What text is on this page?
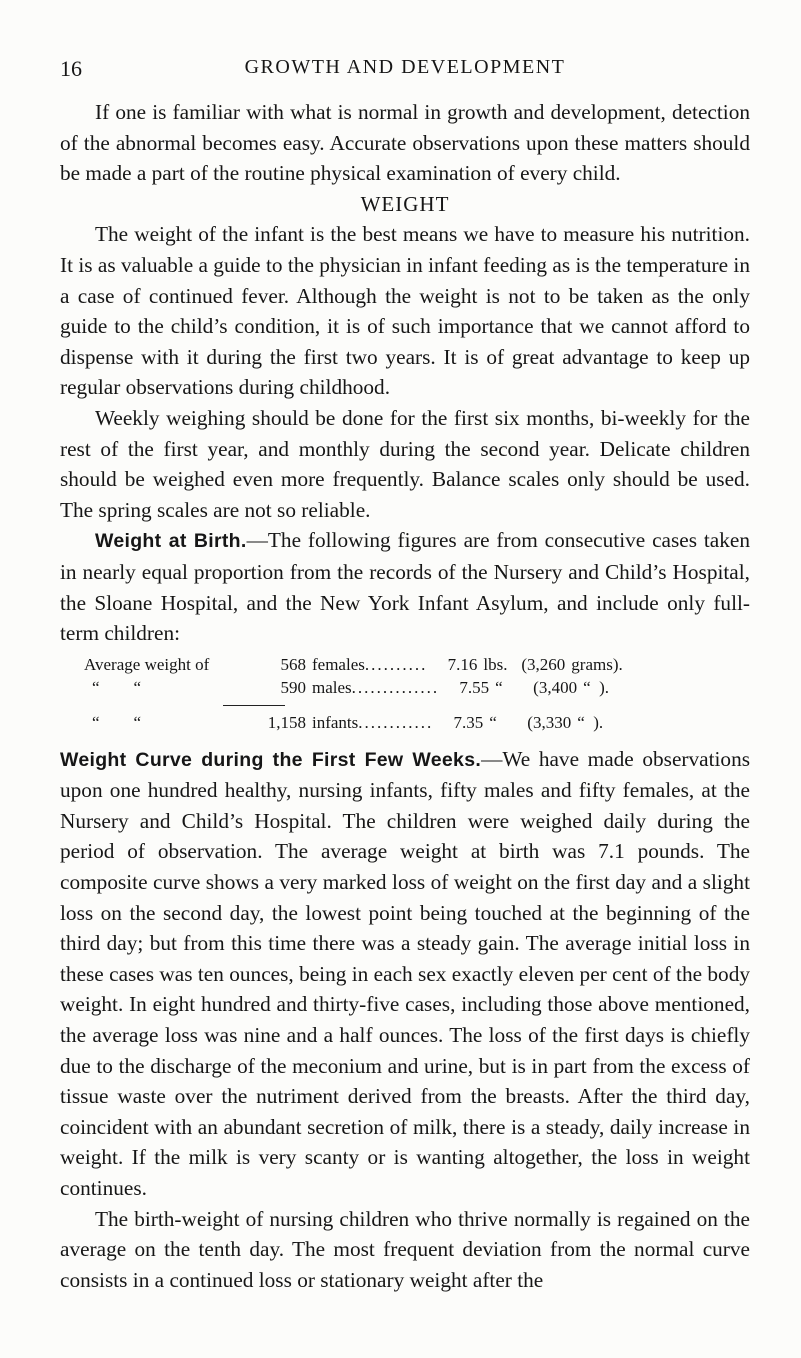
16	GROWTH AND DEVELOPMENT

If one is familiar with what is normal in growth and development, detection of the abnormal becomes easy. Accurate observations upon these matters should be made a part of the routine physical examination of every child.

WEIGHT

The weight of the infant is the best means we have to measure his nutrition. It is as valuable a guide to the physician in infant feeding as is the temperature in a case of continued fever. Although the weight is not to be taken as the only guide to the child’s condition, it is of such importance that we cannot afford to dispense with it during the first two years. It is of great advantage to keep up regular observations during childhood.

Weekly weighing should be done for the first six months, bi-weekly for the rest of the first year, and monthly during the second year. Delicate children should be weighed even more frequently. Balance scales only should be used. The spring scales are not so reliable.

Weight at Birth.—The following figures are from consecutive cases taken in nearly equal proportion from the records of the Nursery and Child’s Hospital, the Sloane Hospital, and the New York Infant Asylum, and include only full-term children:

Average weight of	568 females ..........	7.16 lbs. (3,260 grams).
“        “	590 males ..............	7.55 “	(3,400 “  ).
“        “	1,158 infants ............	7.35 “	(3,330 “  ).

Weight Curve during the First Few Weeks.—We have made observations upon one hundred healthy, nursing infants, fifty males and fifty females, at the Nursery and Child’s Hospital. The children were weighed daily during the period of observation. The average weight at birth was 7.1 pounds. The composite curve shows a very marked loss of weight on the first day and a slight loss on the second day, the lowest point being touched at the beginning of the third day; but from this time there was a steady gain. The average initial loss in these cases was ten ounces, being in each sex exactly eleven per cent of the body weight. In eight hundred and thirty-five cases, including those above mentioned, the average loss was nine and a half ounces. The loss of the first days is chiefly due to the discharge of the meconium and urine, but is in part from the excess of tissue waste over the nutriment derived from the breasts. After the third day, coincident with an abundant secretion of milk, there is a steady, daily increase in weight. If the milk is very scanty or is wanting altogether, the loss in weight continues.

The birth-weight of nursing children who thrive normally is regained on the average on the tenth day. The most frequent deviation from the normal curve consists in a continued loss or stationary weight after the
